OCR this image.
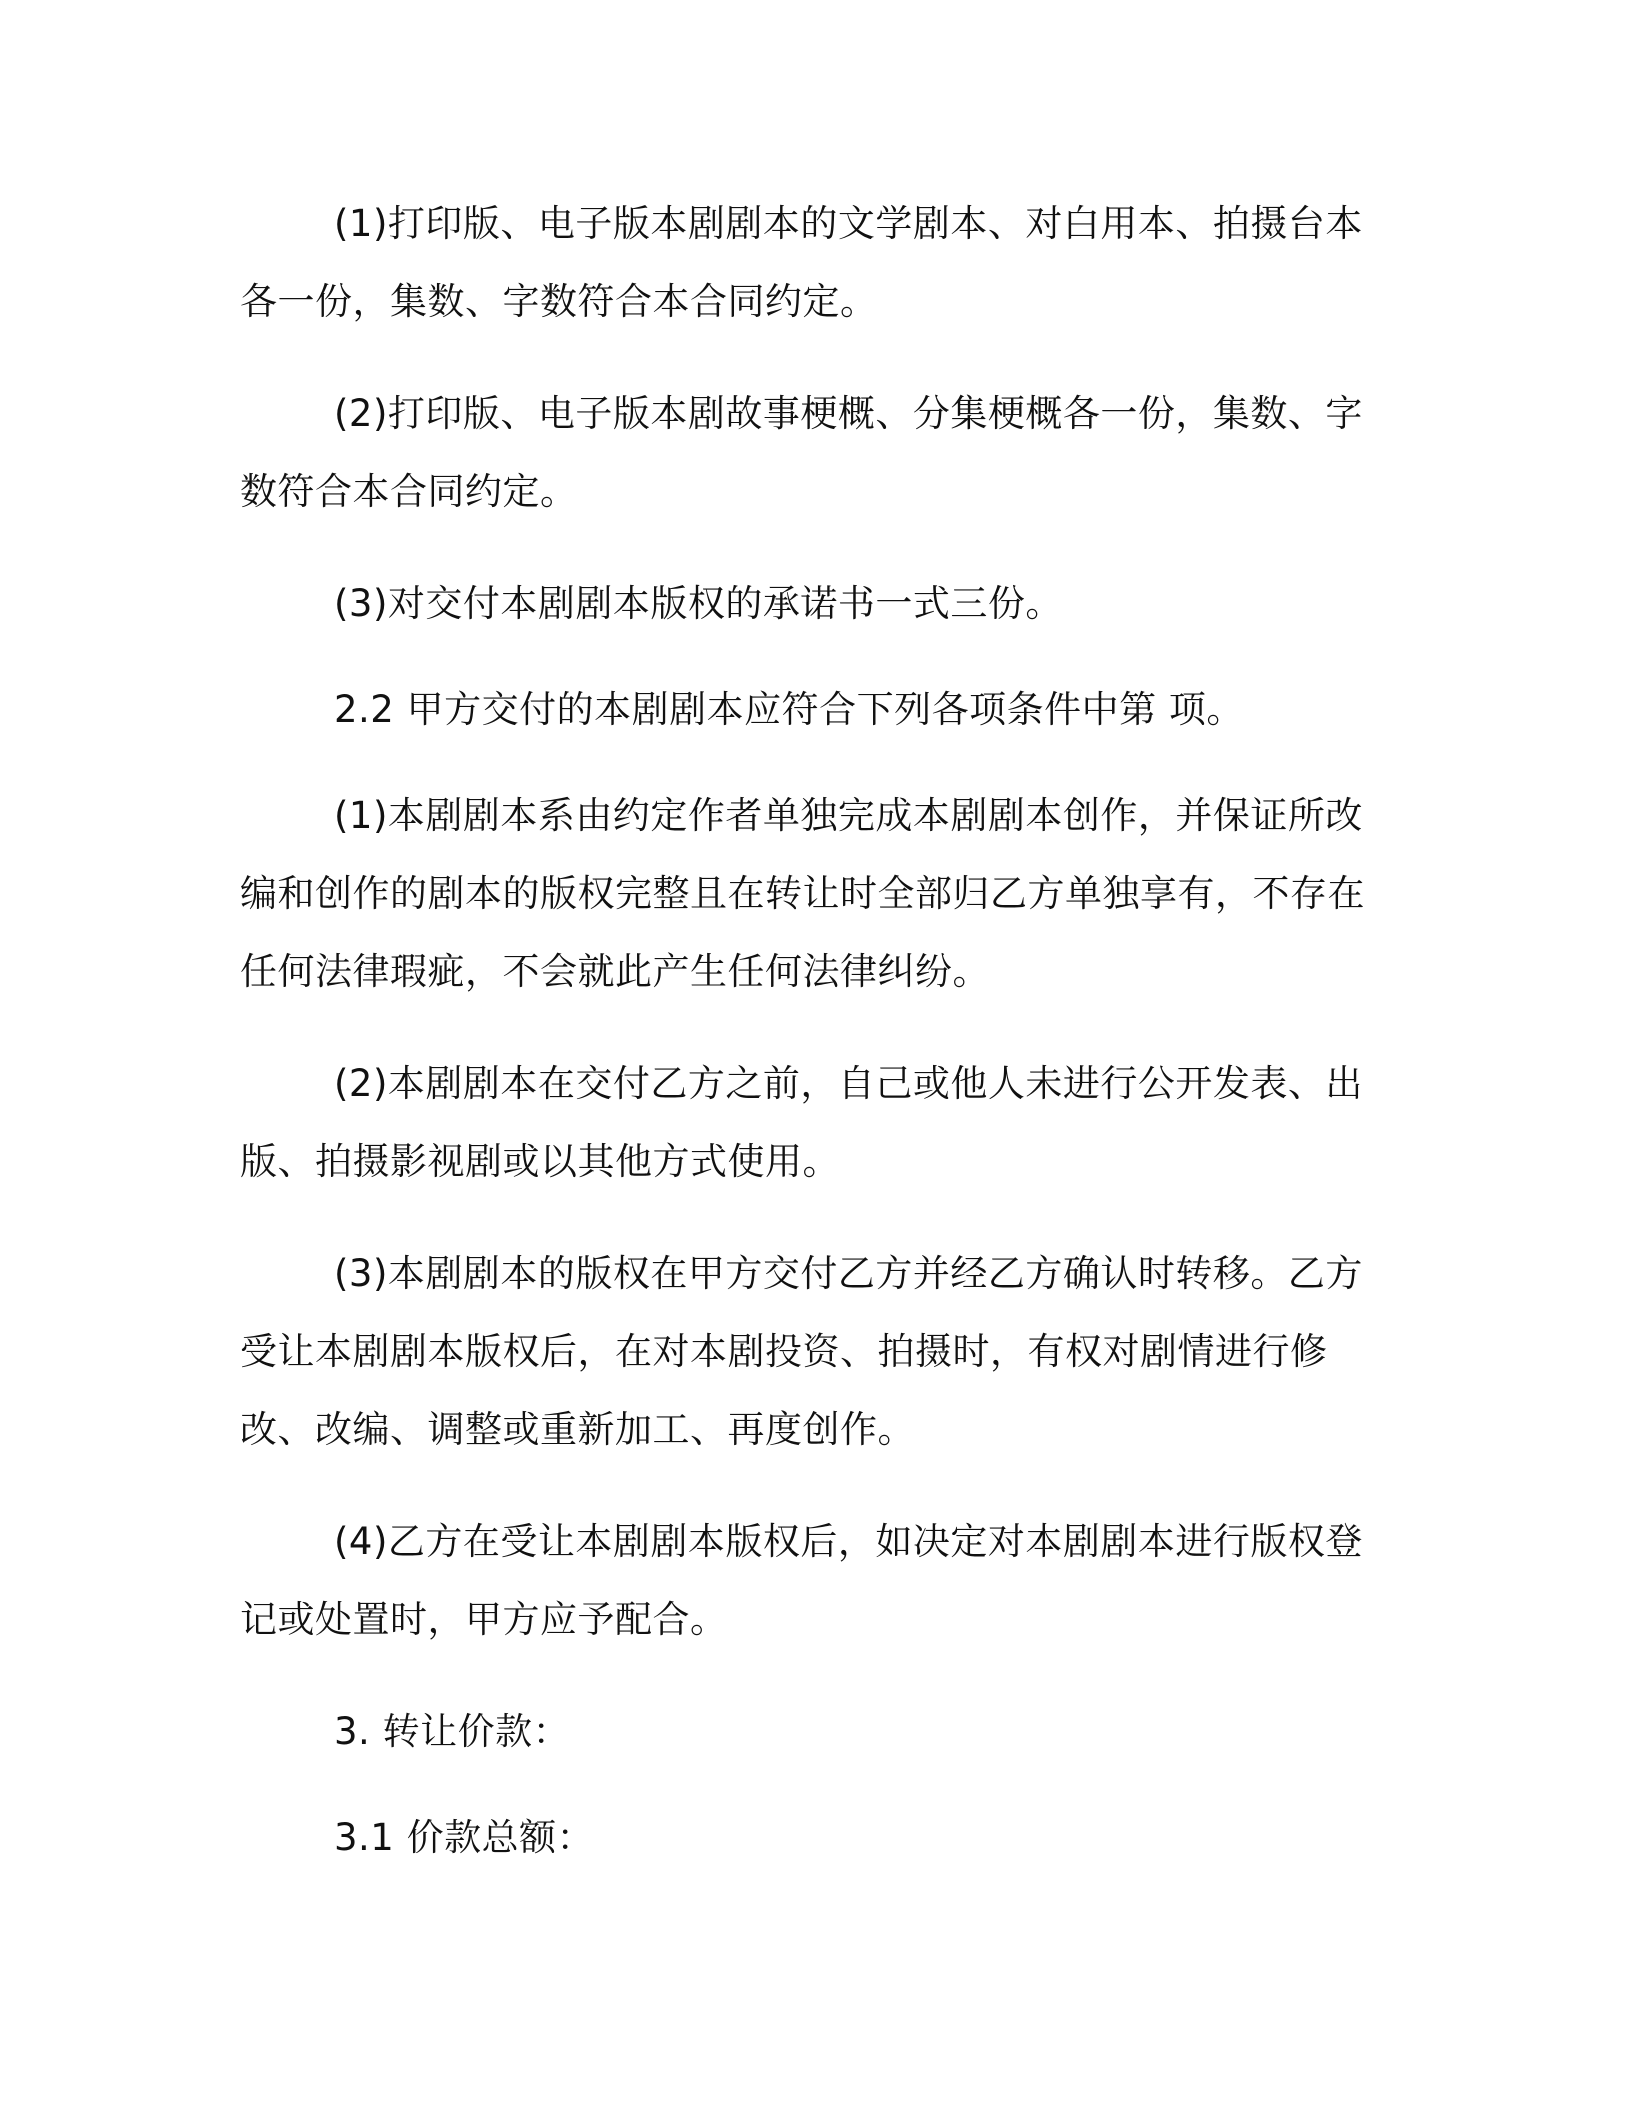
(1)打印版、电子版本剧剧本的文学剧本、对白用本、拍摄台本各一份，集数、字数符合本合同约定。

(2)打印版、电子版本剧故事梗概、分集梗概各一份，集数、字数符合本合同约定。

(3)对交付本剧剧本版权的承诺书一式三份。

2.2 甲方交付的本剧剧本应符合下列各项条件中第 项。

(1)本剧剧本系由约定作者单独完成本剧剧本创作，并保证所改编和创作的剧本的版权完整且在转让时全部归乙方单独享有，不存在任何法律瑕疵，不会就此产生任何法律纠纷。

(2)本剧剧本在交付乙方之前，自己或他人未进行公开发表、出版、拍摄影视剧或以其他方式使用。

(3)本剧剧本的版权在甲方交付乙方并经乙方确认时转移。乙方受让本剧剧本版权后，在对本剧投资、拍摄时，有权对剧情进行修改、改编、调整或重新加工、再度创作。

(4)乙方在受让本剧剧本版权后，如决定对本剧剧本进行版权登记或处置时，甲方应予配合。

3. 转让价款：

3.1 价款总额：
